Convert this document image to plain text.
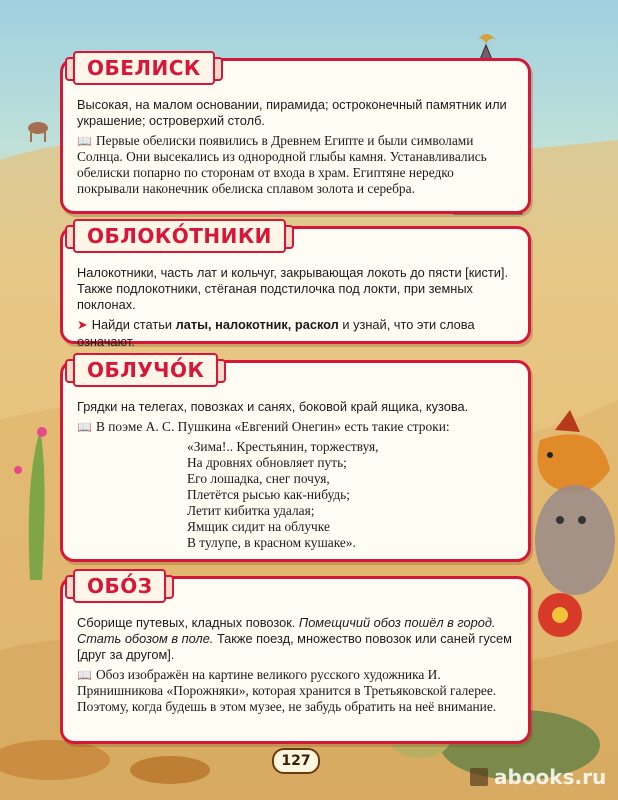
ОБЕЛИСК
Высокая, на малом основании, пирамида; остроконечный памятник или украшение; островерхий столб.
📖 Первые обелиски появились в Древнем Египте и были символами Солнца. Они высекались из однородной глыбы камня. Устанавливались обелиски попарно по сторонам от входа в храм. Египтяне нередко покрывали наконечник обелиска сплавом золота и серебра.
ОБЛОКО́ТНИКИ
Налокотники, часть лат и кольчуг, закрывающая локоть до пясти [кисти]. Также подлокотники, стёганая подстилочка под локти, при земных поклонах.
➤ Найди статьи латы, налокотник, раскол и узнай, что эти слова означают.
ОБЛУЧО́К
Грядки на телегах, повозках и санях, боковой край ящика, кузова.
📖 В поэме А. С. Пушкина «Евгений Онегин» есть такие строки:
«Зима!.. Крестьянин, торжествуя,
На дровнях обновляет путь;
Его лошадка, снег почуя,
Плетётся рысью как-нибудь;
Летит кибитка удалая;
Ямщик сидит на облучке
В тулупе, в красном кушаке».
ОБО́З
Сборище путевых, кладных повозок. Помещичий обоз пошёл в город. Стать обозом в поле. Также поезд, множество повозок или саней гусем [друг за другом].
📖 Обоз изображён на картине великого русского художника И. Прянишникова «Порожняки», которая хранится в Третьяковской галерее. Поэтому, когда будешь в этом музее, не забудь обратить на неё внимание.
127
abooks.ru
